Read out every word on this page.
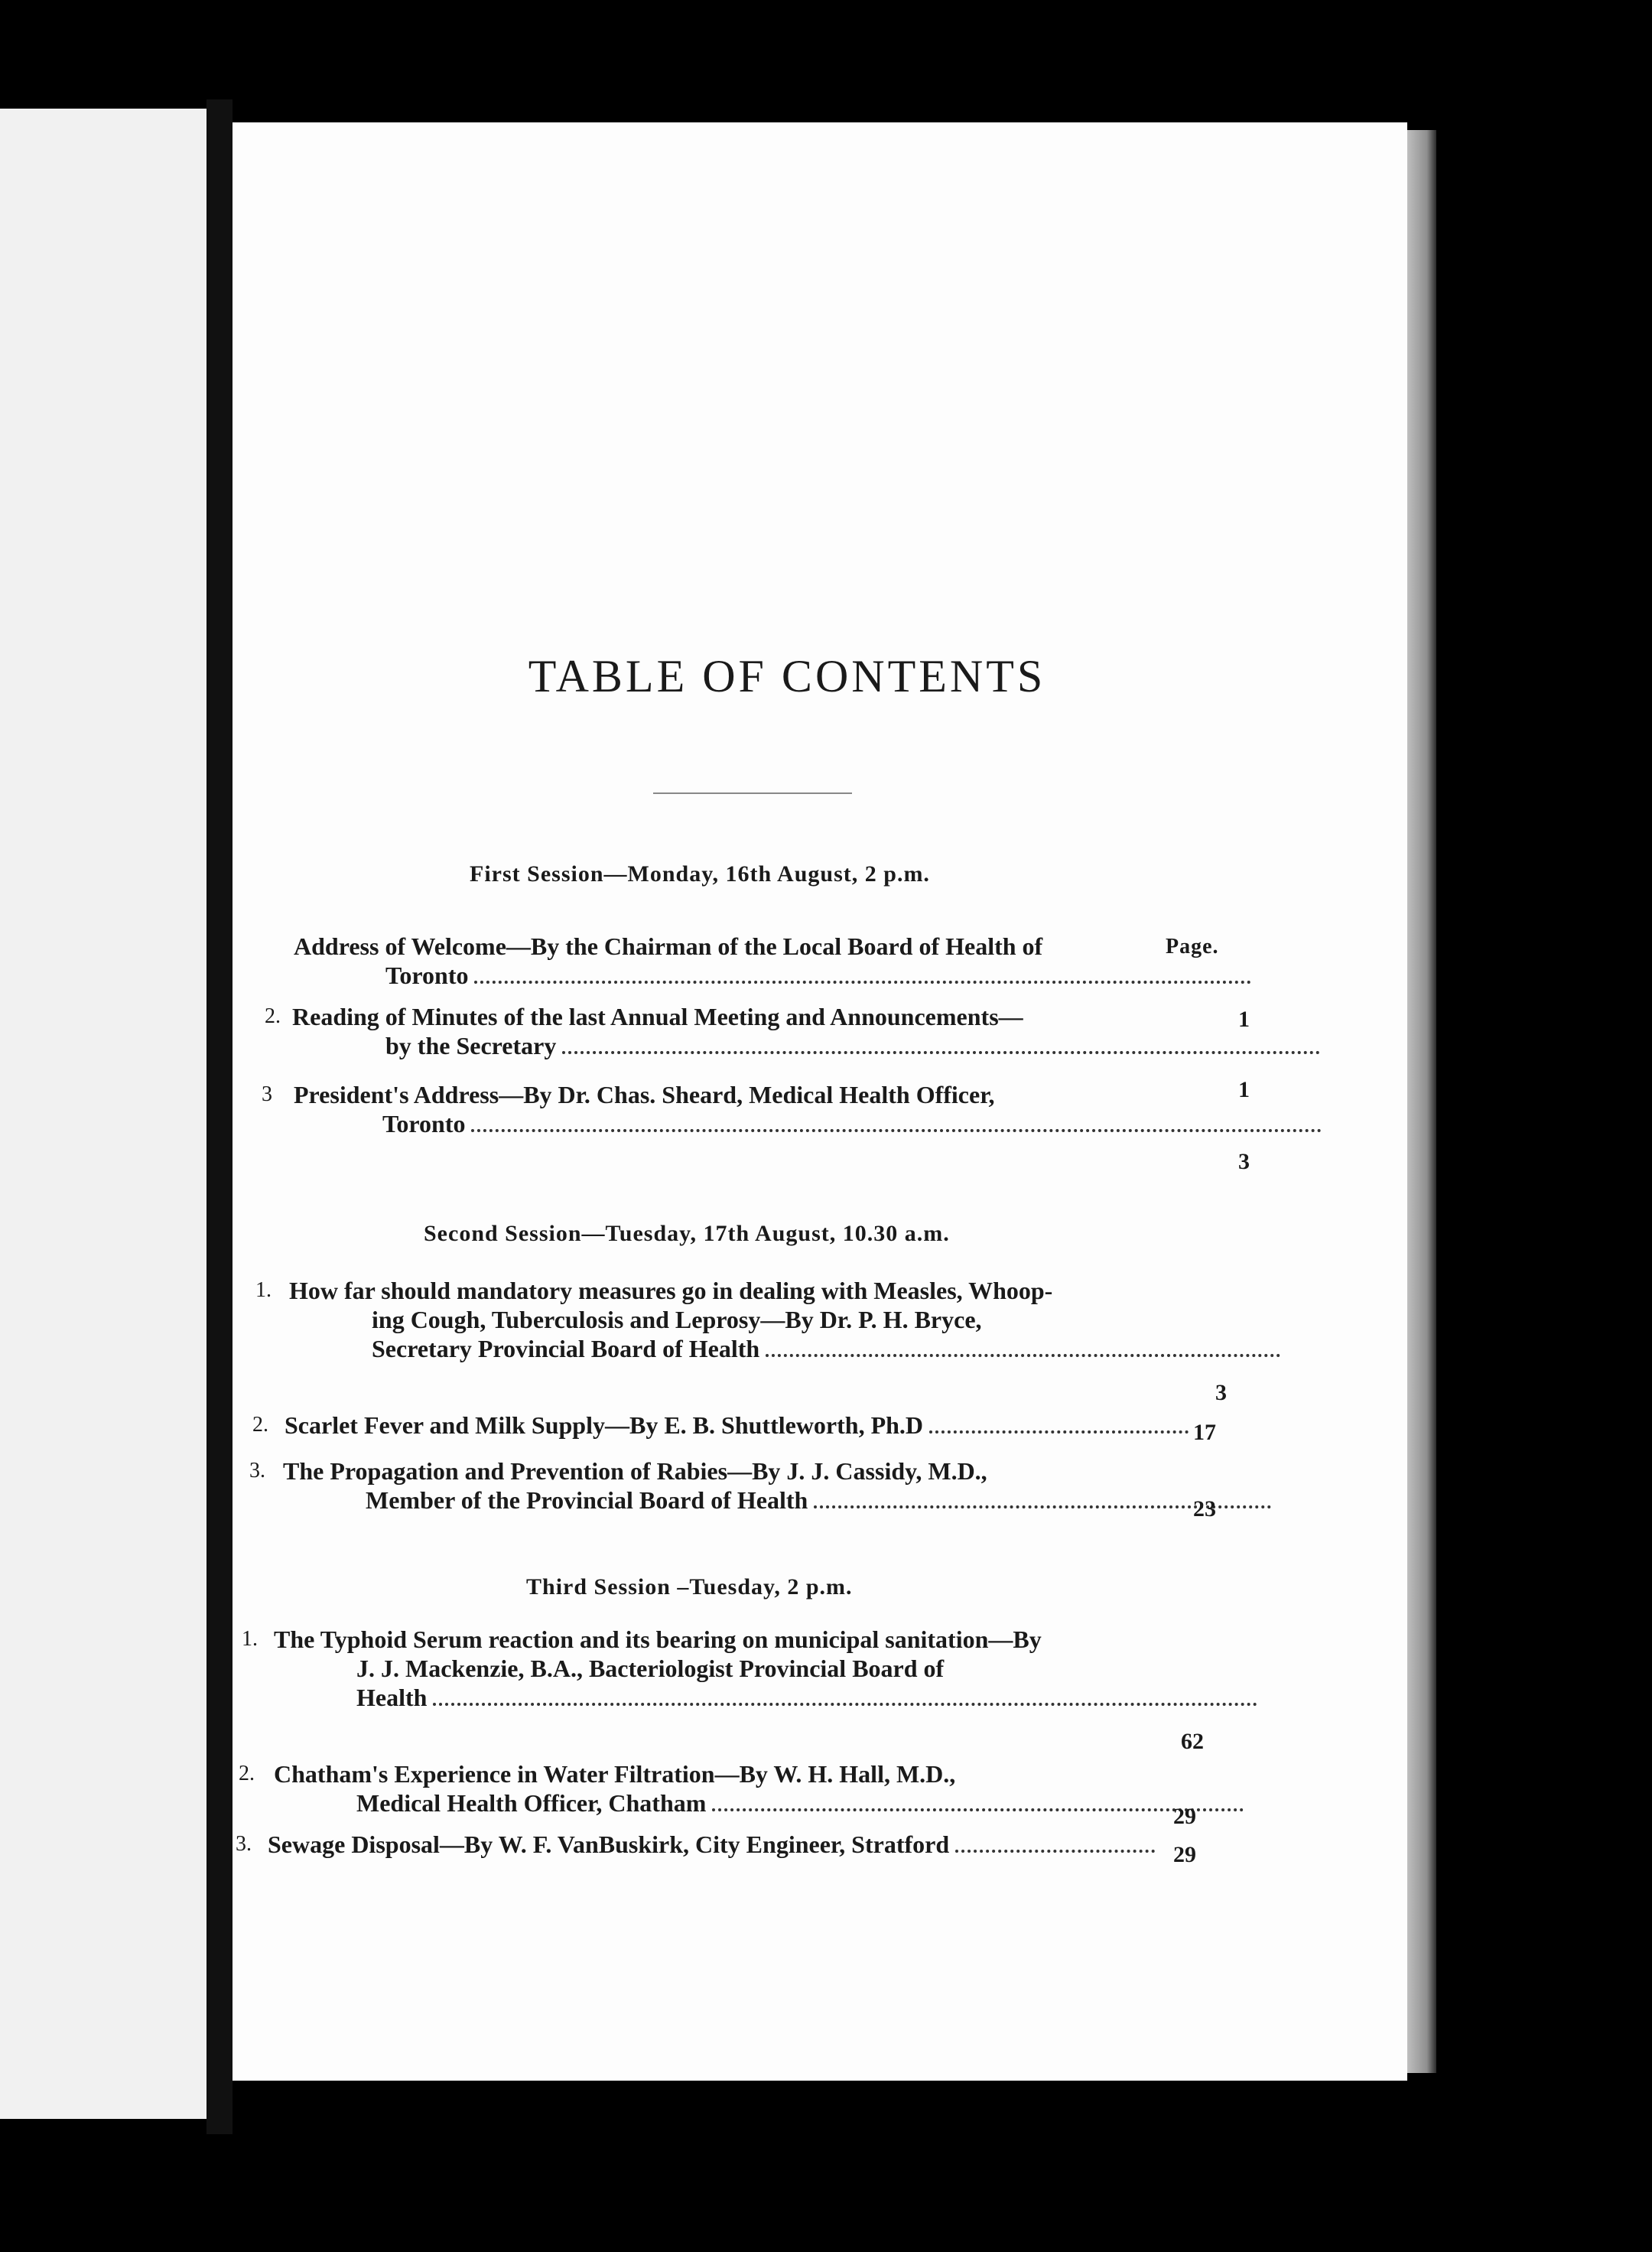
TABLE OF CONTENTS
First Session—Monday, 16th August, 2 p.m.
Page.
Address of Welcome—By the Chairman of the Local Board of Health of
Toronto
1
2. Reading of Minutes of the last Annual Meeting and Announcements—
by the Secretary
1
3 President's Address—By Dr. Chas. Sheard, Medical Health Officer,
Toronto
3
Second Session—Tuesday, 17th August, 10.30 a.m.
1. How far should mandatory measures go in dealing with Measles, Whoop-
ing Cough, Tuberculosis and Leprosy—By Dr. P. H. Bryce,
Secretary Provincial Board of Health
3
2. Scarlet Fever and Milk Supply—By E. B. Shuttleworth, Ph.D	17
3. The Propagation and Prevention of Rabies—By J. J. Cassidy, M.D.,
Member of the Provincial Board of Health	23
Third Session –Tuesday, 2 p.m.
1. The Typhoid Serum reaction and its bearing on municipal sanitation—By
J. J. Mackenzie, B.A., Bacteriologist Provincial Board of
Health
62
2. Chatham's Experience in Water Filtration—By W. H. Hall, M.D.,
Medical Health Officer, Chatham	29
3. Sewage Disposal—By W. F. VanBuskirk, City Engineer, Stratford	29
